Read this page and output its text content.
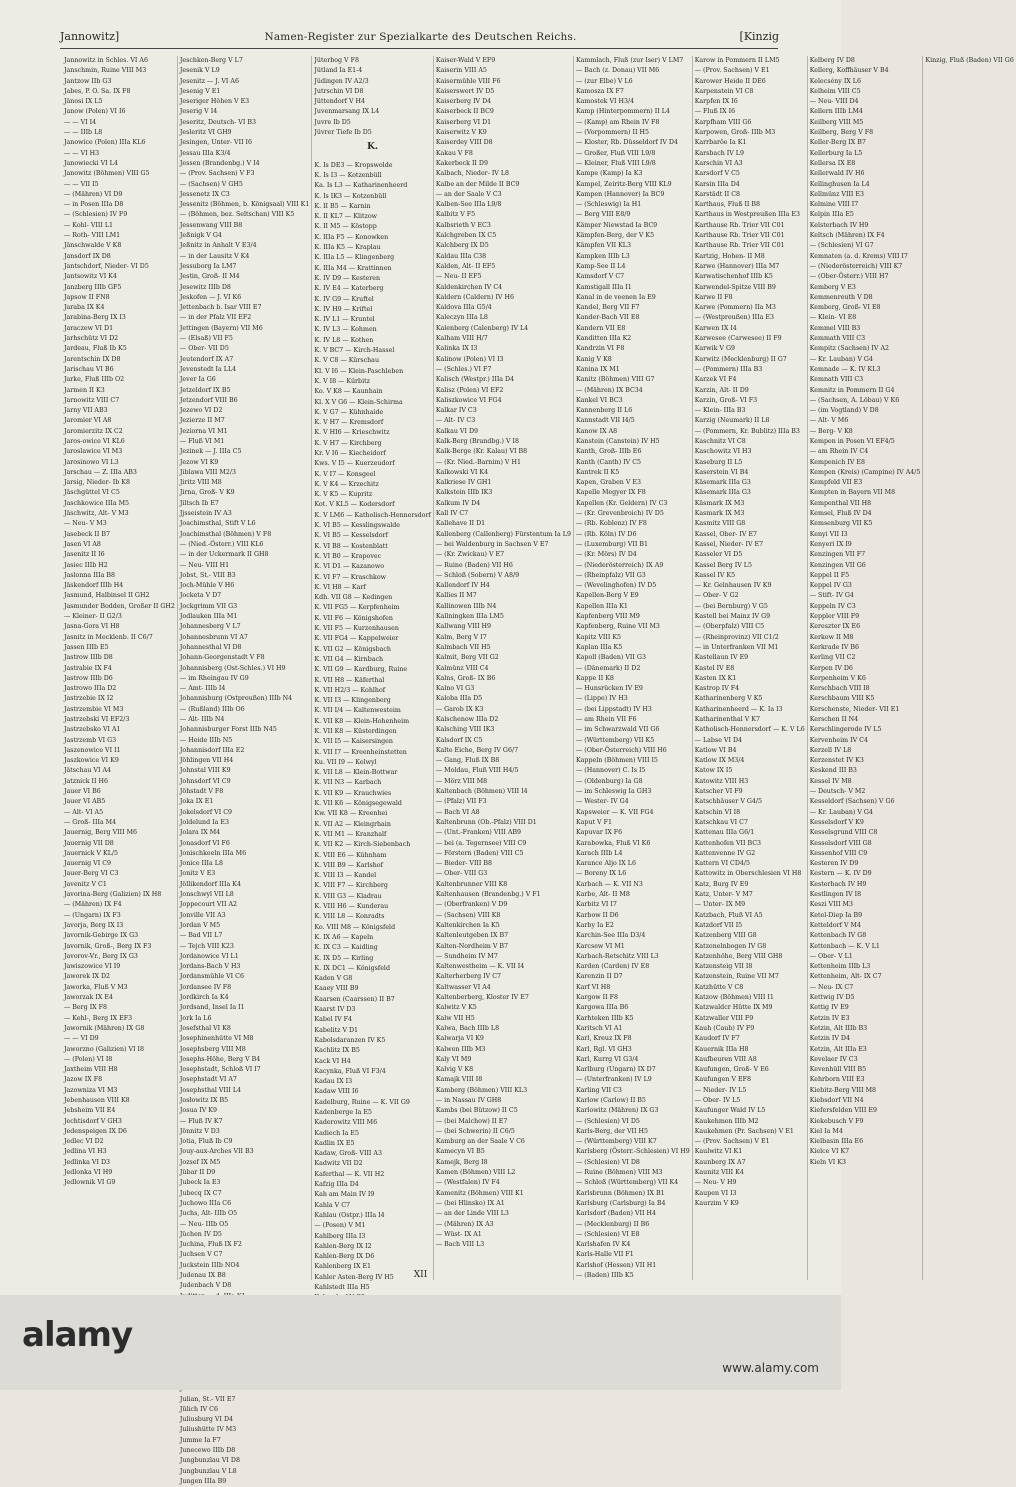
Jannowitz]	Namen-Register zur Spezialkarte des Deutschen Reichs.	[Kinzig
Jannowitz in Schles. VI A6
Janschmin, Ruine VIII M3
Jantzow IIb G3
Jabes, P. O. Sa. IX F8
Jänosi IX L5
Janow (Polen) VI I6
— — VI I4
— — IIIb L8
Janowice (Polen) IIIa KL6
— — VI H3
Janowiecki VI L4
Janowitz (Böhmen) VIII G5
— — VII I5
— (Mähren) VI D9
— in Posen IIIa D8
— (Schlesien) IV F9
— Kohl- VIII L1
— Roth- VIII LM1
Jänschwalde V K8
Jansdorf IX D8
Jantschdorf, Nieder- VI D5
Jantsowitz VI K4
Janzberg IIIb GF5
Japsow II FN8
Jaraba IX K4
Jarabina-Berg IX I3
Jaraczew VI D1
Jarhschütz VI D2
Jardeau, Fluß Ib K5
Jarentschin IX D8
Jarischau VI B6
Jarke, Fluß IIIb O2
Jarmen II K3
Jarnowitz VIII C7
Jarny VII AB3
Jaromier VI A8
Jaromierzitz IX C2
Jaros-owice VI KL6
Jaroslawice VI M3
Jarosinowo VI L3
Jarschau — Z. IIIa AB3
Jarsig, Nieder- Ib K8
Jäschgüttel VI C5
Jaschkowice IIIa M5
Jäschwitz, Alt- V M3
— Neu- V M3
Jasebeck II B7
Jasen VI A8
Jasenitz II I6
Jasiec IIIb H2
Jaslonna IIIa B8
Jäskendorf IIIb H4
Jasmund, Halbinsel II GH2
Jasmunder Bodden, Großer II GH2
— Kleiner- II G2/3
Jasna-Gora VI H8
Jasnitz in Mecklenb. II C6/7
Jassen IIIb E5
Jastrow IIIb D8
Jastrabie IX F4
Jastrow IIIb D6
Jastrowo IIIa D2
Jastrzebie IX I2
Jastrzembie VI M3
Jastrzebski VI EF2/3
Jastrzebsko VI A1
Jastrzemb VI G3
Jaszenowice VI I1
Jaszkowice VI K9
Jätschau VI A4
Jatznick II H6
Jauer VI B6
Jauer VI AB5
— Alt- VI A5
— Groß- IIIa M4
Jauernig, Berg VIII M6
Jauernig VII D8
Jauernick V KL/5
Jauernig VI C9
Jauer-Berg VI C3
Javenitz V C1
Javorina-Berg (Galizien) IX H8
— (Mähren) IX F4
— (Ungarn) IX F3
Javorja, Berg IX I3
Javornik-Gebirge IX G3
Javornik, Groß-, Berg IX F3
Javorov-Vr., Berg IX G3
Jawiszowice VI I9
Jaworek IX D2
Jaworka, Fluß V M3
Jaworzak IX E4
— Berg IX F8
— Kehl-, Berg IX EF3
Jawornik (Mähren) IX G8
— — VI D9
Jaworzno (Galizien) VI I8
— (Polen) VI I8
Jaxtheim VIII H8
Jazow IX F8
Jazowniza VI M3
Jebenhausen VIII K8
Jebsheim VII E4
Jechtisdorf V GH3
Jedenspeigen IX D6
Jedlec VI D2
Jedlina VI H3
Jedlinka VI D3
Jedlonka VI H9
Jedlownik VI G9
Jeschken-Berg V L7
Jesenik V L9
Jesenitz — J. VI A6
Jesenig V E1
Jeseriger Höhen V E3
Jeserig V I4
Jeseritz, Deutsch- VI B3
Jesleritz VI GH9
Jesingen, Unter- VII I6
Jessau IIIa K3/4
Jessen (Brandenbg.) V I4
— (Prov. Sachsen) V F3
— (Sachsen) V GH5
Jessenetz IX C3
Jessenitz (Böhmen, b. Königsaal) VIII K1
— (Böhmen, bez. Seltschan) VIII K5
Jessenwang VIII B8
Jeßnigk V G4
Jeßnitz in Anhalt V E3/4
— in der Lausitz V K4
Jessuborg Ia LM7
Jestin, Groß- II M4
Jesewitz IIIb D8
Jeskofen — J. VI K6
Jettenbach b. Isar VIII E7
— in der Pfalz VII EF2
Jettingen (Bayern) VII M6
— (Elsaß) VII F5
— Ober- VII D5
Jeutendorf IX A7
Jevenstedt Ia LL4
Jever Ia G6
Jetzeldorf IX B5
Jetzendorf VIII B6
Jezewo VI D2
Jezierze II M7
Jeziorna VI M1
— Fluß VI M1
Jezinek — J. IIIa C5
Jezow VI K9
Jiblawa VIII M2/3
Jiritz VIII M8
Jirna, Groß- V K9
Jiltsch Ib E7
Jjsseistein IV A3
Joachimsthal, Stift V L6
Joachimsthal (Böhmen) V F8
— (Nied.-Österr.) VIII KL6
— in der Uckermark II GH8
— Neu- VIII H1
Jobst, St.- VIII B3
Joch-Mühle V H6
Jocketa V D7
Jockgrimm VII G3
Jodlauken IIIa M1
Johannesberg V L7
Johannesbrunn VI A7
Johannesthal VI D8
Johann-Georgenstadt V F8
Johannisberg (Ost-Schles.) VI H9
— im Rheingau IV G9
— Amt- IIIb I4
Johannisburg (Ostpreußen) IIIb N4
— (Rußland) IIIb O6
— Alt- IIIb N4
Johannisburger Forst IIIb N45
— Heide IIIb N5
Johannisdorf IIIa E2
Jöhlingen VII H4
Johnstal VIII K9
Johnsdorf VI C9
Jöhstadt V F8
Joka IX E1
Jokelsdorf VI C9
Joldelund Ia E3
Jolara IX M4
Jonasdorf VI F6
Jonischkeeln IIIa M6
Jonice IIIa L8
Jonitz V E3
Jöllikendorf IIIa K4
Jonschwyl VII L8
Joppecourt VII A2
Jonville VII A3
Jordan V M5
— Bad VII L7
— Tejch VIII K23
Jordanowice VI L1
Jordans-Bach V H3
Jordansmühle VI C6
Jordansee IV F8
Jordkirch Ia K4
Jordsand, Insel Ia I1
Jork Ia L6
Josefsthal VI K8
Josephinenhütte VI M8
Josephsberg VIII M8
Josephs-Höhe, Berg V B4
Josephstadt, Schloß VI I7
Josephstadt VI A7
Josephsthal VIII L4
Josłowitz IX B5
Josua IV K9
— Fluß IV K7
Jönnitz V D3
Jotia, Fluß Ib C9
Jouy-aux-Arches VII B3
Jozsef IX M5
Jübar II D9
Jubeck Ia E3
Jubecq IX C7
Juchowo IIIa C6
Juchs, Alt- IIIb O5
— Neu- IIIb O5
Jüchen IV D5
Juchina, Fluß IX F2
Juchsen V C7
Juckstein IIIb NO4
Judenau IX B8
Judenbach V D8
Julian, St.- VII E7
Jülich IV C6
Juliusburg VI D4
Juliushütte IV M3
Jumme Ia F7
Junecewo IIIb D8
Jungbunzlau VI D8
Jungbunzlau V L8
Jungen IIIa B9
Jüterbog V F8
Jütland Ia E1-4
Jüdingen IV A2/3
Jutrschin VI D8
Jüttendorf V H4
Juvenmarsang IX L4
Juvre Ib D5
Jüvrer Tiefe Ib D5
K.
K. Is DE3 — Kropswolde
K. Is I3 — Kotzenbüll
Ka. Is L3 — Katharinenheerd
K. Is IK3 — Kotzenbüll
K. II B5 — Karnin
K. II KL7 — Klitzow
K. II M5 — Köstopp
K. IIIa F5 — Konowken
K. IIIa K5 — Kraplau
K. IIIa L5 — Klingenberg
K. IIIa M4 — Krattinnen
K. IV D9 — Kesteren
K. IV E4 — Katerberg
K. IV G9 — Kruftel
K. IV H9 — Kriftel
K. IV L1 — Kruntel
K. IV L3 — Kohmen
K. IV L8 — Kothen
K. V BC7 — Kirch-Hassel
K. V C8 — Kürschau
Kl. V I6 — Klein-Paschleben
K. V I8 — Kürbitz
Ko. V K8 — Kaunhain
Kl. X V G6 — Klein-Schirma
K. V G7 — Kühnhaide
K. V H7 — Kremsdorf
K. V HI6 — Krieschwitz
K. V H7 — Kirchberg
Kr. V I6 — Kiecheidorf
Kws. V I5 — Kuerzeudorf
K. V I7 — Konsgeel
K. V K4 — Krzechitz
K. V K5 — Kupritz
Kot. V KL5 — Kodersdorf
K. V LM6 — Katholisch-Hennersdorf
K. VI B5 — Kesslingswalde
K. VI B5 — Kesselsdorf
K. VI B8 — Kostenblatt
K. VI B0 — Krapovec
K. VI D1 — Kazanowo
K. VI F7 — Kraschkow
K. VI H8 — Karf
Kdh. VII G8 — Kedingen
K. VII FG5 — Kerpfenheim
K. VII F6 — Königshofen
K. VII F5 — Kurzenhausen
K. VII FG4 — Kappelweier
K. VII G2 — Königsbach
K. VII G4 — Kirnbach
K. VII G9 — Kardburg, Ruine
K. VII H8 — Käferthal
K. VII H2/3 — Kohlhof
K. VII I3 — Klingenberg
K. VII I/4 — Kaltenwesteim
K. VII K8 — Klein-Hohenheim
K. VII K8 — Küsterdingen
K. VII I5 — Kaisersingen
K. VII I7 — Kreenheinstetten
Ku. VII I9 — Kelwyl
K. VII L8 — Klein-Bottwar
K. VII N3 — Karbach
K. VII K9 — Krauchwies
K. VII K6 — Königsegewald
Kw. VII K8 — Kreenhei
K. VII A2 — Kleingrhain
K. VII M1 — Kranzhalf
K. VII K2 — Kirch-Siebenbach
K. VIII E6 — Kühnham
K. VIII B9 — Karlshof
K. VIII I3 — Kandel
K. VIII F7 — Kirchberg
K. VIII G3 — Kladrau
K. VIII H6 — Kunderau
K. VIII L8 — Konradts
Ko. VIII M8 — Königsfeld
K. IX A6 — Kapeln
K. IX C3 — Kaidling
K. IX D5 — Kirling
K. IX DC1 — Königsfeld
Kaden V G8
Kaaey VIII B9
Kaarsen (Caarssen) II B7
Kaarst IV D3
Kabel IV F4
Kabelitz V D1
Kabolsdaranzen IV K5
Kachlitz IX B5
Kack VI H4
Kacynka, Fluß VI F3/4
Kadau IX I3
Kadaw VIII I6
Kadelburg, Ruine — K. VII G9
Kadenberge Ia E5
Kaderowitz VIII M6
Kadiech Ia E5
Kadlin IX E5
Kadaw, Groß- VIII A3
Kadwitz VII D2
Kaferthal — K. VII H2
Kafzig IIIa D4
Kah am Main IV I9
Kahla V C7
Kahlau (Ostpr.) IIIa I4
— (Posen) V M1
Kahlberg IIIa I3
Kahlen-Berg IX I2
Kahlen-Berg IX D6
Kahlenberg IX E1
Kahler Asten-Berg IV H5
Kahlstedt IIIa H5
Kaiser-Wald V EF9
Kaiserin VIII A5
Kaisermühle VIII F6
Kaiserswert IV D5
Kaiserberg IV D4
Kaiserbeck II BC9
Kaiserberg VI D1
Kaiserwitz V K9
Kaiserdey VIII D8
Kakau V F8
Kakerbeck II D9
Kalbach, Nieder- IV L8
Kalbe an der Milde II BC9
— an der Saale V C3
Kalben-See IIIa L9/8
Kalbitz V F5
Kalbsrieth V EC3
Kalchgreben IX C5
Kalchberg IX D5
Kaldau IIIa C38
Kalden, Alt- II EF5
— Neu- II EF5
Kaldenkirchen IV C4
Kaldern (Caldern) IV H6
Kaldova IIIa G5/4
Kaleczyn IIIa L8
Kalenberg (Calenberg) IV L4
Kalham VIII H/7
Kalinka IX I3
Kalinow (Polen) VI I3
— (Schles.) VI F7
Kalisch (Westpr.) IIIa D4
Kalisz (Polen) VI EF2
Kaliszkowice VI FG4
Kalkar IV C3
— Alt- IV C3
Kalkau VI D9
Kalk-Berg (Brandbg.) V I8
Kalk-Berge (Kr. Kalau) VI B8
— (Kr. Nied.-Barnim) V H1
Kalkowski VI K4
Kalkriese IV GH1
Kalkstein IIIb IK3
Kalkum IV D4
Kall IV C7
Kallehave II D1
Kallenberg (Callenberg) Fürstentum Ia L9
— bei Waldenburg in Sachsen V E7
— (Kr. Zwickau) V E7
— Ruine (Baden) VII H6
— Schloß (Sobern) V A8/9
Kallendorf IV H4
Kallies II M7
Kallinowen IIIb N4
Kallningken IIIa LM5
Kallwang VIII H9
Kalm, Berg V I7
Kalmbach VII H5
Kalmit, Berg VII G2
Kalmünz VIII C4
Kalns, Groß- IX B6
Kalno VI G3
Kaloba IIIa D5
— Garob IX K3
Kalschenow IIIa D2
Kalsching VIII IK3
Kalsdorf IX C5
Kalte Eiche, Berg IV G6/7
— Gang, Fluß IX B8
— Moldau, Fluß VIII H4/5
— Mörz VIII M8
Kaltenbach (Böhmen) VIII I4
— (Pfalz) VII F3
— Bach VI A8
Kaltenbrunn (Ob.-Pfalz) VIII D1
— (Unt.-Franken) VIII AB9
— bei (a. Tegernsee) VIII C9
— Förstern (Baden) VIII C5
— Bieder- VIII B8
— Ober- VIII G3
Kaltenbrunner VIII K8
Kaltenhausen (Brandenbg.) V F1
— (Oberfranken) V D9
— (Sachsen) VIII K8
Kaltenkirchen Ia K5
Kaltenleutgeben IX B7
Kalten-Nordheim V B7
— Sundheim IV M7
Kaltenwestheim — K. VII I4
Kalterherberg IV C7
Kaltwasser VI A4
Kaltenberberg, Kloster IV E7
Kalwitz V K5
Kalw VII H5
Kalwa, Bach IIIb L8
Kalwarja VI K9
Kalwen IIIb M3
Kaly VI M9
Kalvig V K8
Kamajk VIII I8
Kamberg (Böhmen) VIII KL3
— in Nassau IV GH8
Kambs (bei Bützow) II C5
— (bei Malchow) II E7
— (bei Schwerin) II C6/5
Kamburg an der Saale V C6
Kamecyn VI B5
Kamejk, Berg I8
Kamen (Böhmen) VIII L2
— (Westfalen) IV F4
Kamenitz (Böhmen) VIII K1
— (bei Hlinsko) IX A1
— an der Linde VIII L3
— (Mähren) IX A3
— Wüst- IX A1
— Bach VIII L3
Kammlach, Fluß (zur Iser) V LM7
— Bach (z. Donau) VII M6
— (zur Elbe) V L6
Kamosza IX F7
Kamostek VI H3/4
Kamp (Hinterpommern) II L4
— (Kamp) am Rhein IV F8
— (Vorpommern) II H5
— Kloster, Rb. Düsseldorf IV D4
— Großer, Fluß VIII L9/8
— Kleiner, Fluß VIII L9/8
Kampe (Kamp) Ia K3
Kampel, Zeiritz-Berg VIII KL9
Kampen (Hannover) Ia BC9
— (Schleswig) Ia H1
— Berg VIII E8/9
Kämper Niewstad Ia BC9
Kämpfen-Berg, der V K5
Kämpfen VII KL3
Kampken IIIb L3
Kamp-See II L4
Kamsdorf V C7
Kamstigall IIIa I1
Kanal in de veenen Ia E9
Kandel, Berg VII F7
Kander-Bach VII E8
Kandern VII E8
Kanditten IIIa K2
Kandrzin VI F8
Kanig V K8
Kanina IX M1
Kanitz (Böhmen) VIII G7
— (Mähren) IX BC34
Kankel VI BC3
Kannenberg II L6
Kannstadt VII I4/5
Kanow IX A8
Kanstein (Canstein) IV H5
Kanth, Groß- IIIb E6
Kanth (Canth) IV C5
Kantrek II K5
Kapen, Graben V E3
Kapelle Megyer IX F8
Kapellen (Kr. Geldern) IV C3
— (Kr. Grevenbroich) IV D5
— (Rb. Koblenz) IV F8
— (Rb. Köln) IV D6
— (Luxemburg) VII B1
— (Kr. Mörs) IV D4
— (Niederösterreich) IX A9
— (Rheinpfalz) VII G3
— (Wevelinghofen) IV D5
Kapellen-Berg V E9
Kapellen IIIa K1
Kapfenberg VIII M9
Kapfenberg, Ruine VII M3
Kapitz VIII K5
Kaplan IIIa K5
Kapoll (Baden) VII G3
— (Dänemark) II D2
Kappe II K8
— Hunsrücken IV E9
— (Lippe) IV H3
— (bei Lippstadt) IV H3
— am Rhein VII F6
— im Schwarzwald VII G6
— (Württemberg) VII K5
— (Ober-Österreich) VIII H6
Kappeln (Böhmen) VIII I5
— (Hannover) C. Is I5
— (Oldenburg) Ia G8
— im Schleswig Ia GH3
— Wester- IV G4
Kapsweier — K. VII FG4
Kaput V F1
Kapuvar IX F6
Karabowka, Fluß VI K6
Karach IIIb L4
Karance Aljo IX L6
— Boreny IX L6
Karbach — K. VII N3
Karbe, Alt- II M8
Karbitz VI I7
Karbow II D6
Karby Ia E2
Karchin-See IIIa D3/4
Karcsew VI M1
Karbach-Retschitz VIII L3
Karden (Carden) IV E8
Karenzin II D7
Karf VI H8
Kargow II F8
Kargowa IIIa B6
Karhteken IIIb K5
Karitsch VI A1
Karl, Kreuz IX F8
Karl, Rgl. VI GH3
Karl, Kurrg VI G3/4
Karlburg (Ungarn) IX D7
— (Unterfranken) IV L9
Karling VII C3
Karlow (Carlow) II B5
Karlowitz (Mähren) IX G3
— (Schlesien) VI D5
Karls-Berg, der VII H5
— (Württemberg) VIII K7
Karlsberg (Österr.-Schlesien) VI H9
— (Schlesien) VI D8
— Ruine (Böhmen) VIII M3
— Schloß (Württemberg) VII K4
Karlsbrunn (Böhmen) IX B1
Karlsburg (Carlsburg) Ia B4
Karlsdorf (Baden) VII H4
— (Mecklenburg) II B6
— (Schlesien) VI E8
Karlshafen IV K4
Karls-Halle VII F1
Karlshof (Hessen) VII H1
— (Baden) IIIb K5
Karow in Pommern II LM5
— (Prov. Sachsen) V E1
Karower Heide II DE6
Karpenstein VI C8
Karpfen IX I6
— Fluß IX I6
Karpfham VIII G6
Karpowen, Groß- IIIb M3
Karrbaröe Ia K1
Karsbach IV L9
Karschin VI A3
Karsdorf V C5
Karsin IIIa D4
Karstädt II C8
Karthaus, Fluß II B8
Karthaus in Westpreußen IIIa E3
Karthause Rb. Trier VII C01
Karthause Rb. Trier VII C01
Karthause Rb. Trier VII C01
Kartzig, Hohen- II M8
Karwe (Hannover) IIIa M7
Karwatischenhof IIIb K5
Karwendel-Spitze VIII B9
Karwe II F8
Karwe (Pommern) IIa M3
— (Westpreußen) IIIa E3
Karwen IX I4
Karwesee (Carwesee) II F9
Karwik V G9
Karwitz (Mecklenburg) II G7
— (Pommern) IIIa B3
Karzek VI F4
Karzin, Alt- II D9
Karzin, Groß- VI F3
— Klein- IIIa B3
Karzig (Neumark) II L8
— (Pommern, Kr. Bublitz) IIIa B3
Kaschnitz VI C8
Kaschowitz VI H3
Kaseburg II L5
Kaserstein VI B4
Käsemark IIIa G3
Käsemark IIIa G3
Käsmark IX M3
Kasmark IX M3
Kasmitz VIII G8
Kassel, Ober- IV E7
Kassel, Nieder- IV E7
Kasseler VI D5
Kassel Berg IV L5
Kassel IV K5
— Kr. Gelnhausen IV K9
— Ober- V G2
— (bei Bernburg) V G5
Kastell bei Mainz IV G9
— (Oberpfalz) VIII C5
— (Rheinprovinz) VII C1/2
— in Unterfranken VII M1
Kastellaun IV E9
Kastel IV E8
Kasten IX K1
Kastrop IV F4
Katharinenberg V K5
Katharinenheerd — K. Ia I3
Katharinenthal V K7
Katholisch-Hennersdorf — K. V L6
— Labse VI D4
Katlow VI B4
Katlow IX M3/4
Katow IX I5
Katowitz VIII H3
Katscher VI F9
Katschhäuser V G4/5
Katschin VI I8
Katschkau VI C7
Kattenau IIIa G6/1
Kattenhofen VII BC3
Kattenvenne IV G2
Kattern VI CD4/5
Kattowitz in Oberschlesien VI H8
Katz, Burg IV E9
Katz, Unter- V M7
— Unter- IX M9
Katzbach, Fluß VI A5
Katzdorf VII I5
Katzenberg VIII G8
Katzenelnbogen IV G8
Katzenhöhe, Berg VIII GH8
Katzensteig VII I8
Katzenstein, Ruine VII M7
Katzhütte V C8
Katzow (Böhmen) VIII I1
Katzwaldcr Hütte IX M9
Katzwaller VIII F9
Kauh (Caub) IV F9
Kaudorf IV F7
Kauernik IIIa H8
Kaufbeuren VIII A8
Kaufungen, Groß- V E6
Kaufungen V EF8
— Nieder- IV L5
— Ober- IV L5
Kaufunger Wald IV L5
Kaukehmen IIIb M2
Kaukehmen (Pr. Sachsen) V E1
— (Prov. Sachsen) V E1
Kaulwitz VI K1
Kaunberg IX A7
Kaunitz VIII K4
— Neu- V H9
Kaupen VI I3
Kaurzim V K9
Kelberg IV D8
Kellerg, Koffhäuser V B4
Kelecsény IX L6
Kelheim VIII C5
— Neu- VIII D4
Kellern IIIb LM4
Keilberg VIII M5
Keilberg, Berg V F8
Keller-Berg IX B7
Kellerburg Ia L5
Kellersa IX E8
Kellerwald IV H6
Kellinghusen Ia L4
Kellmünz VIII E3
Kelmine VIII I7
Kelpin IIIa E5
Kelsterbach IV H9
Keltsch (Mähren) IX F4
— (Schlesien) VI G7
Kemnaten (a. d. Krems) VIII I7
— (Niederösterreich) VIII K7
— (Ober-Österr.) VIII H7
Kemberg V E3
Kemmenreuth V D8
Kemberg, Groß- VI E8
— Klein- VI E8
Kemmel VIII B3
Kemmath VIII C3
Kempitz (Sachsen) IV A2
— Kr. Lauban) V G4
Kemnade — K. IV KL3
Kemnath VIII C3
Kemnitz in Pommern II G4
— (Sachsen, A. Löbau) V K6
— (im Vogtland) V D8
— Alt- V M6
— Berg- V K8
Kempen in Posen VI EF4/5
— am Rhein IV C4
Kempenich IV E8
Kempen (Kreis) (Campine) IV A4/5
Kempfeld VII E3
Kempten in Bayern VII M8
Kempenthal VII H8
Kemsel, Fluß IV D4
Kemsenburg VII K5
Kenyi VII I3
Kenyeri IX I9
Kenzingen VII F7
Kenzingen VII G6
Keppel II F5
Keppel IV G3
— Stift- IV G4
Keppeln IV C3
Keppler VIII F9
Kereszter IX E6
Kerkow II M8
Kerkrade IV B6
Kerling VII C2
Kerpen IV D6
Kerpenheim V K6
Kerschbach VIII I8
Kerschbaum VIII K5
Kerschenste, Nieder- VII E1
Kerschen II N4
Kerschlingerode IV L5
Kervenheim IV C4
Kerzell IV L8
Kerzenstet IV K3
Keskend III B3
Kessel IV M8
— Deutsch- V M2
Kesseldorf (Sachsen) V G6
— Kr. Lauban) V G4
Kesselsdorf V K9
Kesselsgrund VIII C8
Kesselsdorf VIII G8
Kessenhof VIII C9
Kesteren IV D9
Kestern — K. IV D9
Kesterbach IV H9
Kestlingen IV I8
Keszi VIII M3
Ketel-Diep Ia B9
Ketteldorf V M4
Kettenbach IV G8
Kettenbach — K. V L1
— Ober- V L1
Kettenheim IIIb L3
Kettenheim, Alt- IX C7
— Neu- IX C7
Kettwig IV D5
Kettig IV E9
Ketzin IV E3
Ketzin, Alt IIIb B3
Ketzin IV D4
Ketzin, Alt IIIa E3
Kevelaer IV C3
Kevenhüll VIII B5
Kehrborn VIII E3
Kiebitz-Berg VIII M8
Kiebsdorf VII N4
Kiefersfelden VIII E9
Kiekebusch V F9
Kiel Ia M4
Kielbasin IIIa E6
Kielce VI K7
Kieln VI K3
Kinzig, Fluß (Baden) VII G6
XII
alamy
www.alamy.com
